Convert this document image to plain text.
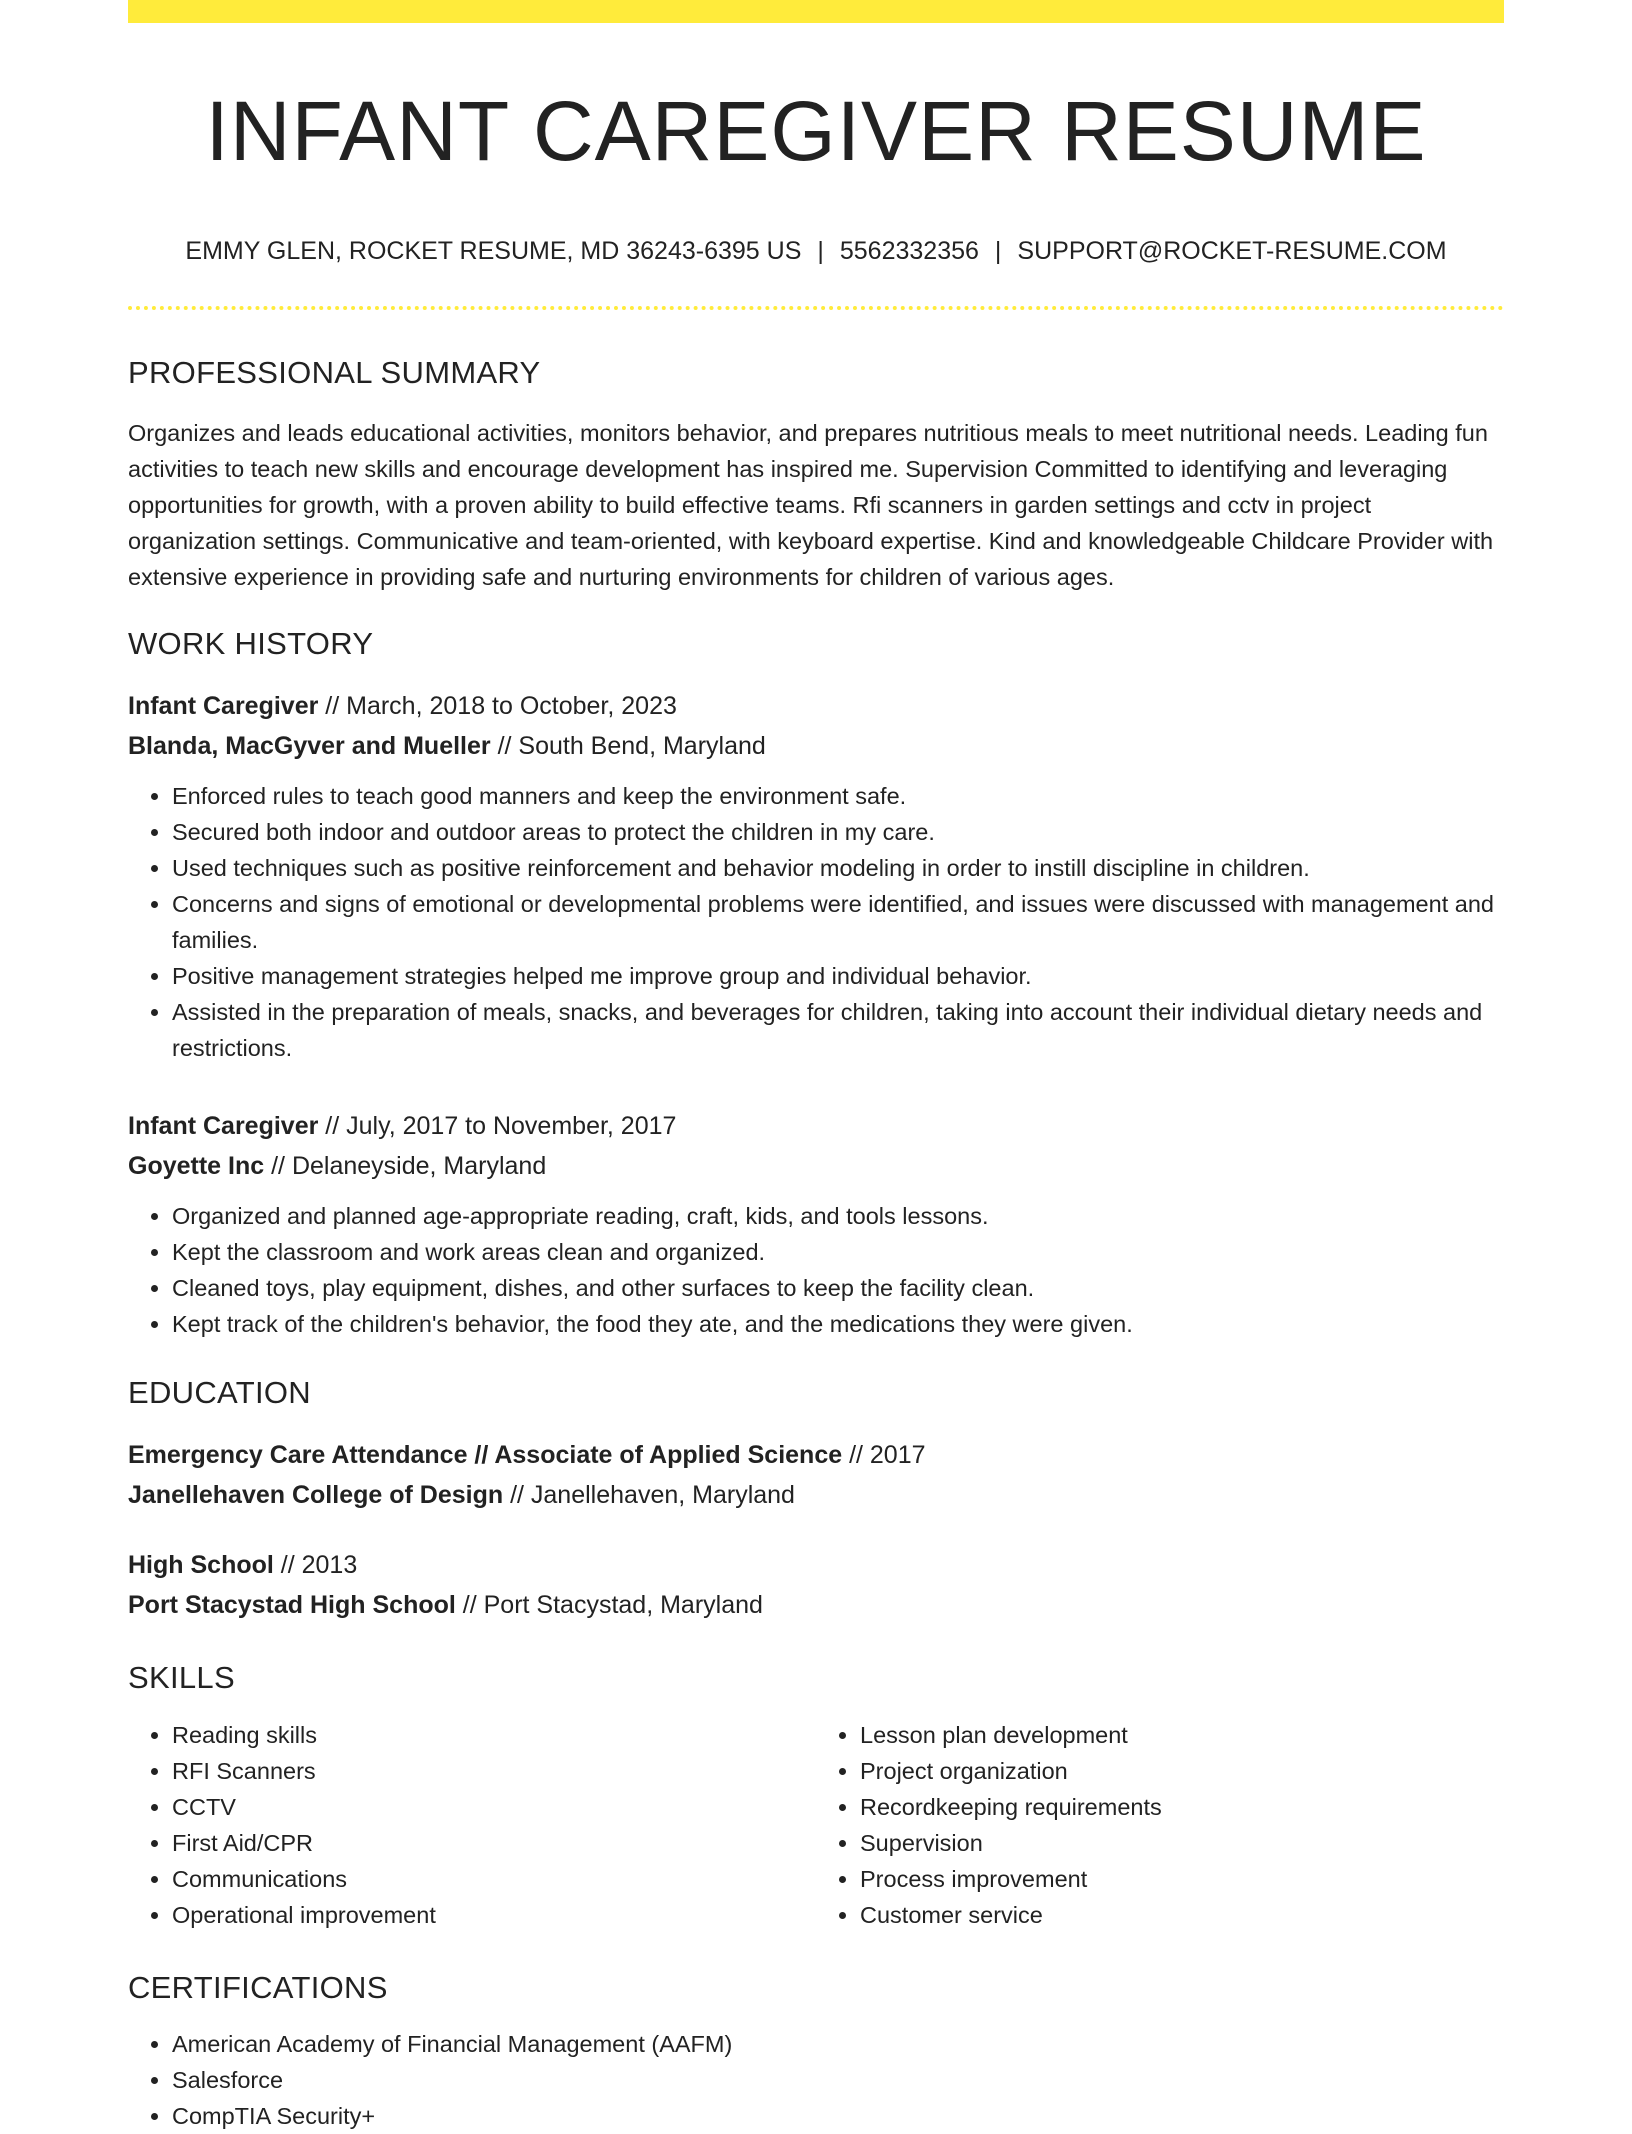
INFANT CAREGIVER RESUME
EMMY GLEN, ROCKET RESUME, MD 36243-6395 US | 5562332356 | SUPPORT@ROCKET-RESUME.COM
PROFESSIONAL SUMMARY

Organizes and leads educational activities, monitors behavior, and prepares nutritious meals to meet nutritional needs. Leading fun activities to teach new skills and encourage development has inspired me. Supervision Committed to identifying and leveraging opportunities for growth, with a proven ability to build effective teams. Rfi scanners in garden settings and cctv in project organization settings. Communicative and team-oriented, with keyboard expertise. Kind and knowledgeable Childcare Provider with extensive experience in providing safe and nurturing environments for children of various ages.

WORK HISTORY
Infant Caregiver // March, 2018 to October, 2023
Blanda, MacGyver and Mueller // South Bend, Maryland
• Enforced rules to teach good manners and keep the environment safe.
• Secured both indoor and outdoor areas to protect the children in my care.
• Used techniques such as positive reinforcement and behavior modeling in order to instill discipline in children.
• Concerns and signs of emotional or developmental problems were identified, and issues were discussed with management and families.
• Positive management strategies helped me improve group and individual behavior.
• Assisted in the preparation of meals, snacks, and beverages for children, taking into account their individual dietary needs and restrictions.
Infant Caregiver // July, 2017 to November, 2017
Goyette Inc // Delaneyside, Maryland
• Organized and planned age-appropriate reading, craft, kids, and tools lessons.
• Kept the classroom and work areas clean and organized.
• Cleaned toys, play equipment, dishes, and other surfaces to keep the facility clean.
• Kept track of the children's behavior, the food they ate, and the medications they were given.
EDUCATION
Emergency Care Attendance // Associate of Applied Science // 2017
Janellehaven College of Design // Janellehaven, Maryland
High School // 2013
Port Stacystad High School // Port Stacystad, Maryland
SKILLS
• Reading skills
• RFI Scanners
• CCTV
• First Aid/CPR
• Communications
• Operational improvement
• Lesson plan development
• Project organization
• Recordkeeping requirements
• Supervision
• Process improvement
• Customer service
CERTIFICATIONS
• American Academy of Financial Management (AAFM)
• Salesforce
• CompTIA Security+
